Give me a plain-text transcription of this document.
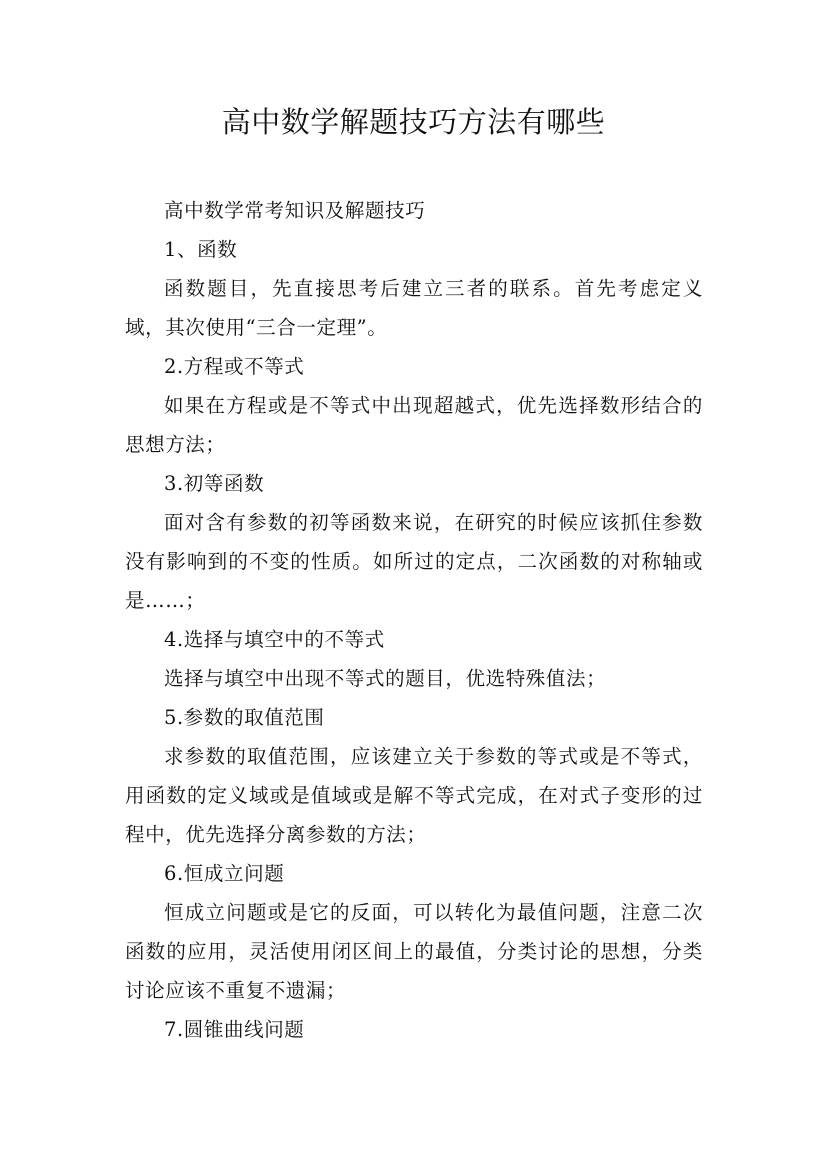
高中数学解题技巧方法有哪些

高中数学常考知识及解题技巧

1、函数

函数题目，先直接思考后建立三者的联系。首先考虑定义域，其次使用“三合一定理”。

2.方程或不等式

如果在方程或是不等式中出现超越式，优先选择数形结合的思想方法；

3.初等函数

面对含有参数的初等函数来说，在研究的时候应该抓住参数没有影响到的不变的性质。如所过的定点，二次函数的对称轴或是……；

4.选择与填空中的不等式

选择与填空中出现不等式的题目，优选特殊值法；

5.参数的取值范围

求参数的取值范围，应该建立关于参数的等式或是不等式，用函数的定义域或是值域或是解不等式完成，在对式子变形的过程中，优先选择分离参数的方法；

6.恒成立问题

恒成立问题或是它的反面，可以转化为最值问题，注意二次函数的应用，灵活使用闭区间上的最值，分类讨论的思想，分类讨论应该不重复不遗漏；

7.圆锥曲线问题
